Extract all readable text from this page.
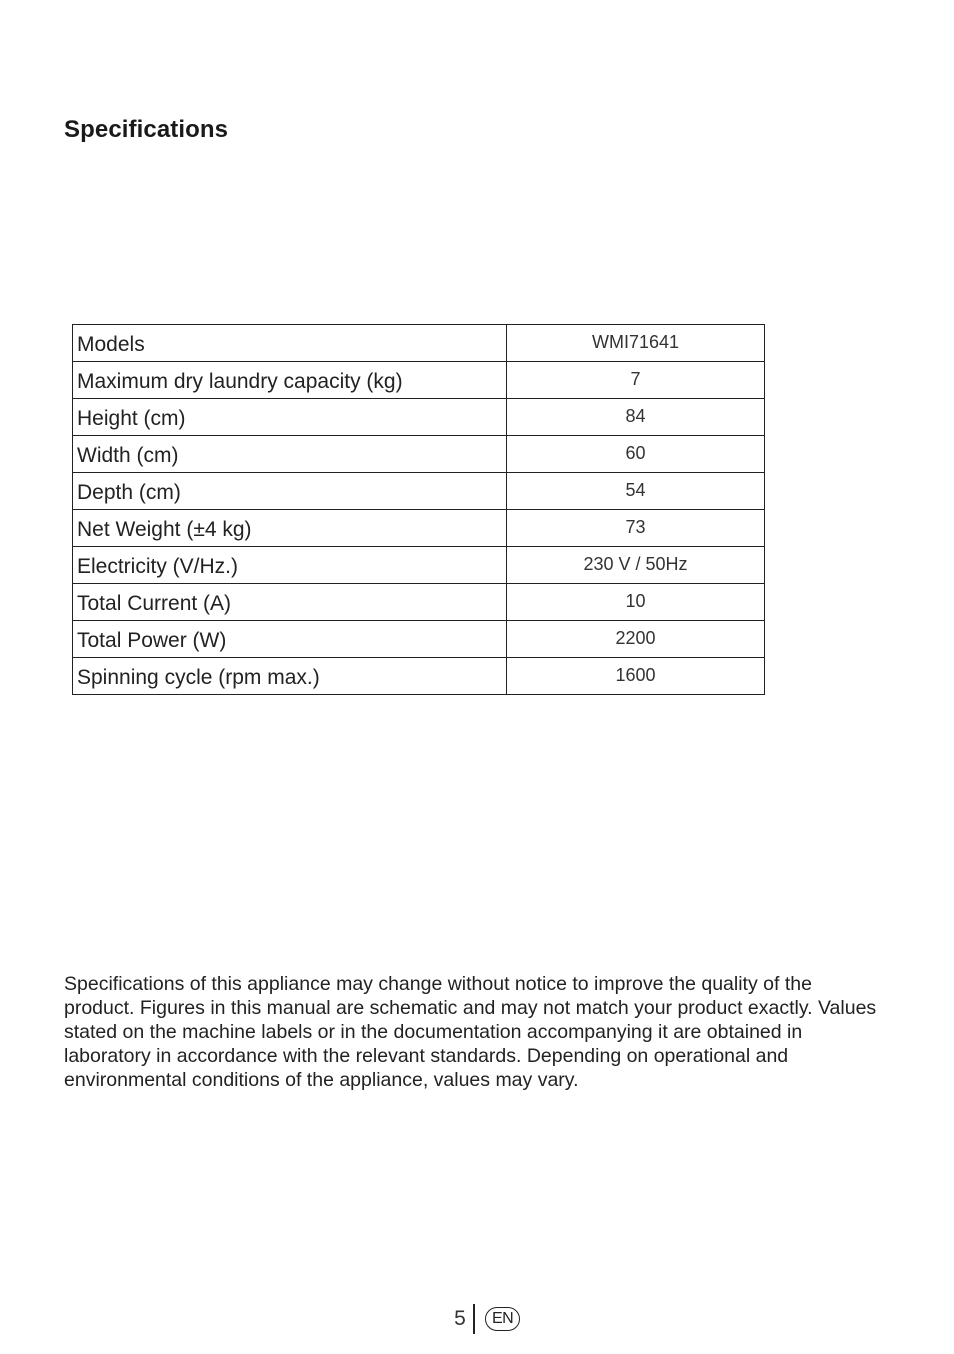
Specifications
Models	WMI71641
Maximum dry laundry capacity (kg)	7
Height (cm)	84
Width (cm)	60
Depth (cm)	54
Net Weight (±4 kg)	73
Electricity (V/Hz.)	230 V / 50Hz
Total Current (A)	10
Total Power (W)	2200
Spinning cycle (rpm max.)	1600

Specifications of this appliance may change without notice to improve the quality of the product. Figures in this manual are schematic and may not match your product exactly. Values stated on the machine labels or in the documentation accompanying it are obtained in laboratory in accordance with the relevant standards. Depending on operational and environmental conditions of the appliance, values may vary.

5	EN
